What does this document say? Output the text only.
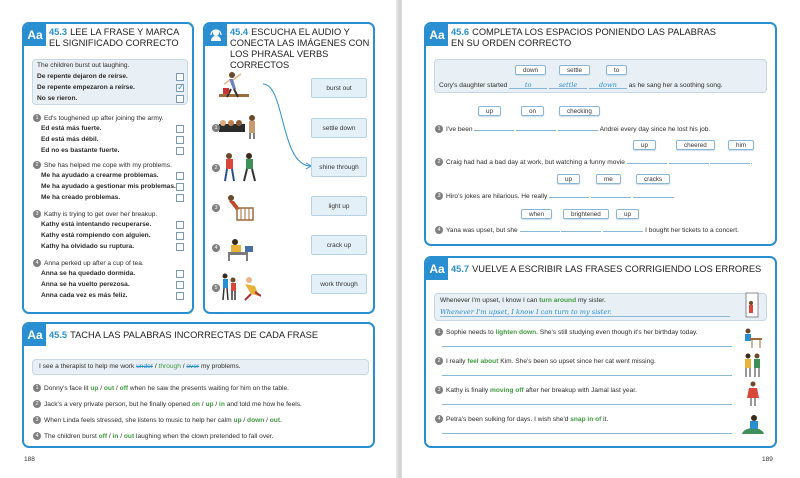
Aa 45.3 LEE LA FRASE Y MARCA
EL SIGNIFICADO CORRECTO
The children burst out laughing.
De repente dejaron de reírse.
De repente empezaron a reírse.
No se rieron.
✓
1 Ed's toughened up after joining the army.
Ed está más fuerte.
Ed está más débil.
Ed no es bastante fuerte.
2 She has helped me cope with my problems.
Me ha ayudado a crearme problemas.
Me ha ayudado a gestionar mis problemas.
Me ha creado problemas.
3 Kathy is trying to get over her breakup.
Kathy está intentando recuperarse.
Kathy está rompiendo con alguien.
Kathy ha olvidado su ruptura.
4 Anna perked up after a cup of tea.
Anna se ha quedado dormida.
Anna se ha vuelto perezosa.
Anna cada vez es más feliz.
45.4 ESCUCHA EL AUDIO Y
CONECTA LAS IMÁGENES CON
LOS PHRASAL VERBS CORRECTOS
1
2
3
4
5
burst out
settle down
shine through
light up
crack up
work through
Aa 45.5 TACHA LAS PALABRAS INCORRECTAS DE CADA FRASE
I see a therapist to help me work under / through / over my problems.
1 Donny's face lit up / out / off when he saw the presents waiting for him on the table.
2 Jack's a very private person, but he finally opened on / up / in and told me how he feels.
3 When Linda feels stressed, she listens to music to help her calm up / down / out.
4 The children burst off / in / out laughing when the clown pretended to fall over.
188
Aa 45.6 COMPLETA LOS ESPACIOS PONIENDO LAS PALABRAS
EN SU ORDEN CORRECTO
down	settle	to
Cory's daughter started	to	settle	down as he sang her a soothing song.
up	on	checking
1 I've been	Andrei every day since he lost his job.
up	cheered	him
2 Craig had had a bad day at work, but watching a funny movie	.
up	me	cracks
3 Hiro's jokes are hilarious. He really	.
when	brightened	up
4 Yana was upset, but she	I bought her tickets to a concert.
Aa 45.7 VUELVE A ESCRIBIR LAS FRASES CORRIGIENDO LOS ERRORES
Whenever I'm upset, I know I can turn around my sister.
Whenever I'm upset, I know I can turn to my sister.
1 Sophie needs to lighten down. She's still studying even though it's her birthday today.
2 I really feel about Kim. She's been so upset since her cat went missing.
3 Kathy is finally moving off after her breakup with Jamal last year.
4 Petra's been sulking for days. I wish she'd snap in of it.
189
